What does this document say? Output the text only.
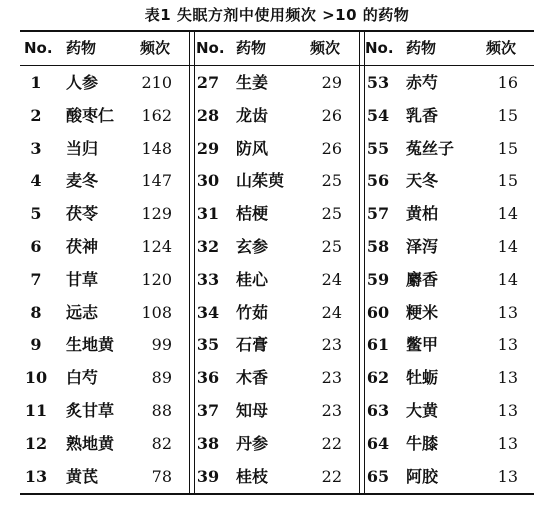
表1 失眠方剂中使用频次 >10 的药物
No. 药物	频次 No. 药物	频次 No. 药物	频次
1	人参	210 27 生姜	29 53 赤芍	16
2	酸枣仁	162 28 龙齿	26 54 乳香	15
3	当归	148 29 防风	26 55 菟丝子	15
4	麦冬	147 30 山茱萸	25 56 天冬	15
5	茯苓	129 31 桔梗	25 57 黄柏	14
6	茯神	124 32 玄参	25 58 泽泻	14
7	甘草	120 33 桂心	24 59 麝香	14
8	远志	108 34 竹茹	24 60 粳米	13
9	生地黄	99 35 石膏	23 61 鳖甲	13
10 白芍	89 36 木香	23 62 牡蛎	13
11 炙甘草	88 37 知母	23 63 大黄	13
12 熟地黄	82 38 丹参	22 64 牛膝	13
13 黄芪	78 39 桂枝	22 65 阿胶	13
